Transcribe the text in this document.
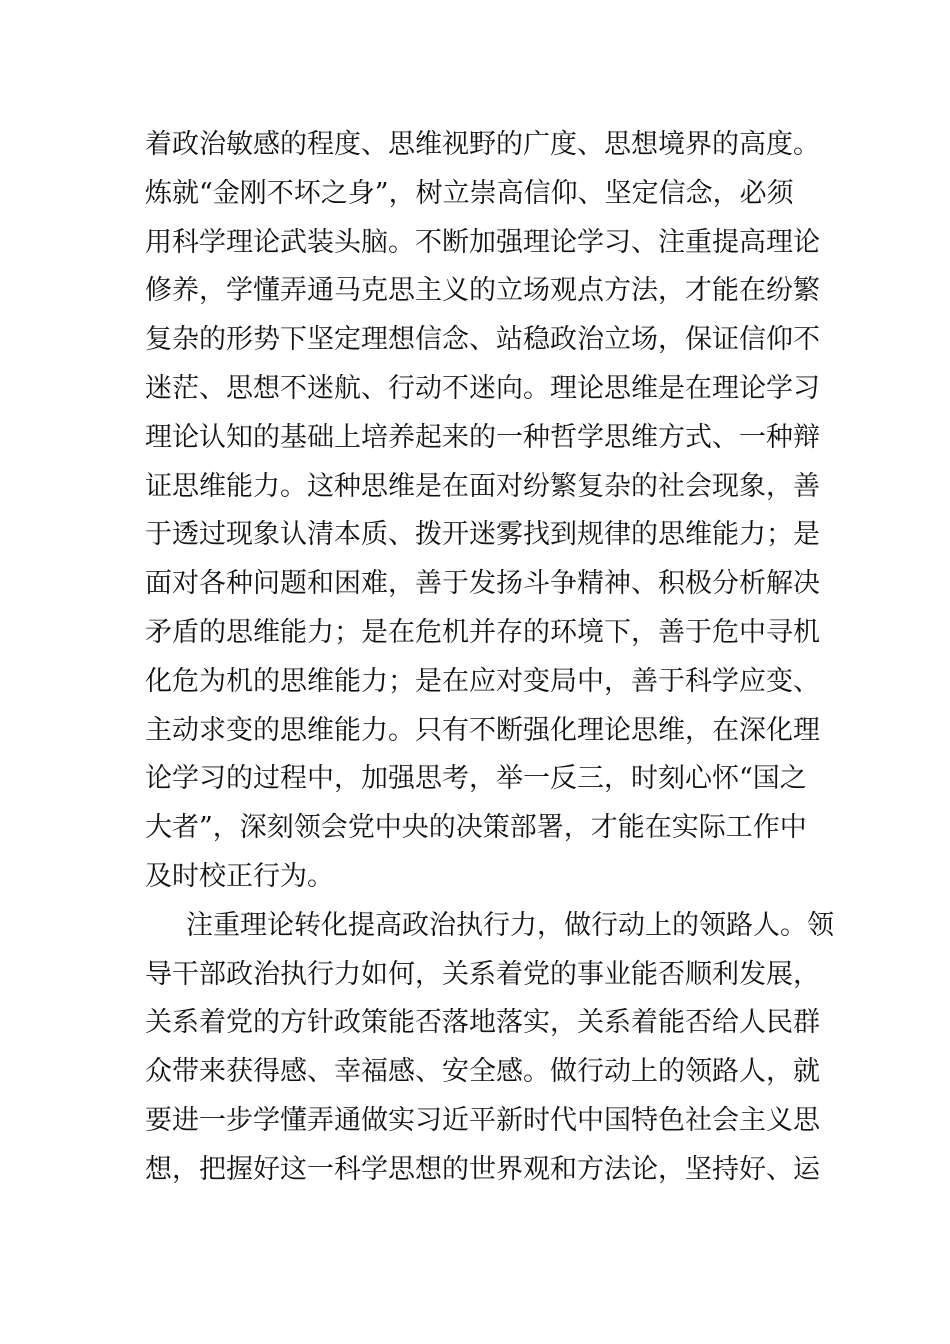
着政治敏感的程度、思维视野的广度、思想境界的高度。
炼就“金刚不坏之身”，树立崇高信仰、坚定信念，必须
用科学理论武装头脑。不断加强理论学习、注重提高理论
修养，学懂弄通马克思主义的立场观点方法，才能在纷繁
复杂的形势下坚定理想信念、站稳政治立场，保证信仰不
迷茫、思想不迷航、行动不迷向。理论思维是在理论学习
理论认知的基础上培养起来的一种哲学思维方式、一种辩
证思维能力。这种思维是在面对纷繁复杂的社会现象，善
于透过现象认清本质、拨开迷雾找到规律的思维能力；是
面对各种问题和困难，善于发扬斗争精神、积极分析解决
矛盾的思维能力；是在危机并存的环境下，善于危中寻机
化危为机的思维能力；是在应对变局中，善于科学应变、
主动求变的思维能力。只有不断强化理论思维，在深化理
论学习的过程中，加强思考，举一反三，时刻心怀“国之
大者”，深刻领会党中央的决策部署，才能在实际工作中
及时校正行为。
注重理论转化提高政治执行力，做行动上的领路人。领
导干部政治执行力如何，关系着党的事业能否顺利发展，
关系着党的方针政策能否落地落实，关系着能否给人民群
众带来获得感、幸福感、安全感。做行动上的领路人，就
要进一步学懂弄通做实习近平新时代中国特色社会主义思
想，把握好这一科学思想的世界观和方法论，坚持好、运
